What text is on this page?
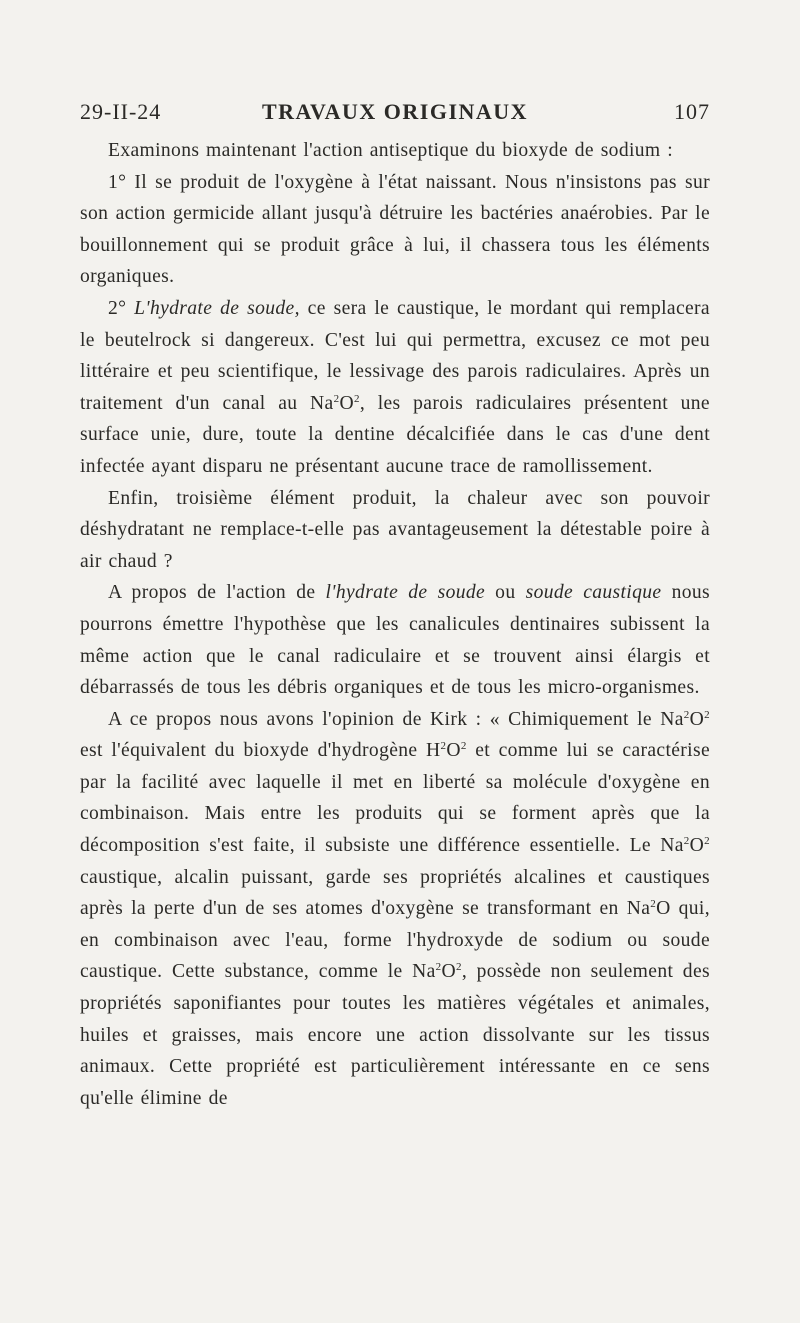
29-II-24	TRAVAUX ORIGINAUX	107

Examinons maintenant l'action antiseptique du bioxyde de sodium :

1° Il se produit de l'oxygène à l'état naissant. Nous n'insistons pas sur son action germicide allant jusqu'à détruire les bactéries anaérobies. Par le bouillonnement qui se produit grâce à lui, il chassera tous les éléments organiques.

2° L'hydrate de soude, ce sera le caustique, le mordant qui remplacera le beutelrock si dangereux. C'est lui qui permettra, excusez ce mot peu littéraire et peu scientifique, le lessivage des parois radiculaires. Après un traitement d'un canal au $Na^2O^2$, les parois radiculaires présentent une surface unie, dure, toute la dentine décalcifiée dans le cas d'une dent infectée ayant disparu ne présentant aucune trace de ramollissement.

Enfin, troisième élément produit, la chaleur avec son pouvoir déshydratant ne remplace-t-elle pas avantageusement la détestable poire à air chaud ?

A propos de l'action de l'hydrate de soude ou soude caustique nous pourrons émettre l'hypothèse que les canalicules dentinaires subissent la même action que le canal radiculaire et se trouvent ainsi élargis et débarrassés de tous les débris organiques et de tous les micro-organismes.

A ce propos nous avons l'opinion de Kirk : « Chimiquement le $Na^2O^2$ est l'équivalent du bioxyde d'hydrogène $H^2O^2$ et comme lui se caractérise par la facilité avec laquelle il met en liberté sa molécule d'oxygène en combinaison. Mais entre les produits qui se forment après que la décomposition s'est faite, il subsiste une différence essentielle. Le $Na^2O^2$ caustique, alcalin puissant, garde ses propriétés alcalines et caustiques après la perte d'un de ses atomes d'oxygène se transformant en Na$^2$O qui, en combinaison avec l'eau, forme l'hydroxyde de sodium ou soude caustique. Cette substance, comme le $Na^2O^2$, possède non seulement des propriétés saponifiantes pour toutes les matières végétales et animales, huiles et graisses, mais encore une action dissolvante sur les tissus animaux. Cette propriété est particulièrement intéressante en ce sens qu'elle élimine de
